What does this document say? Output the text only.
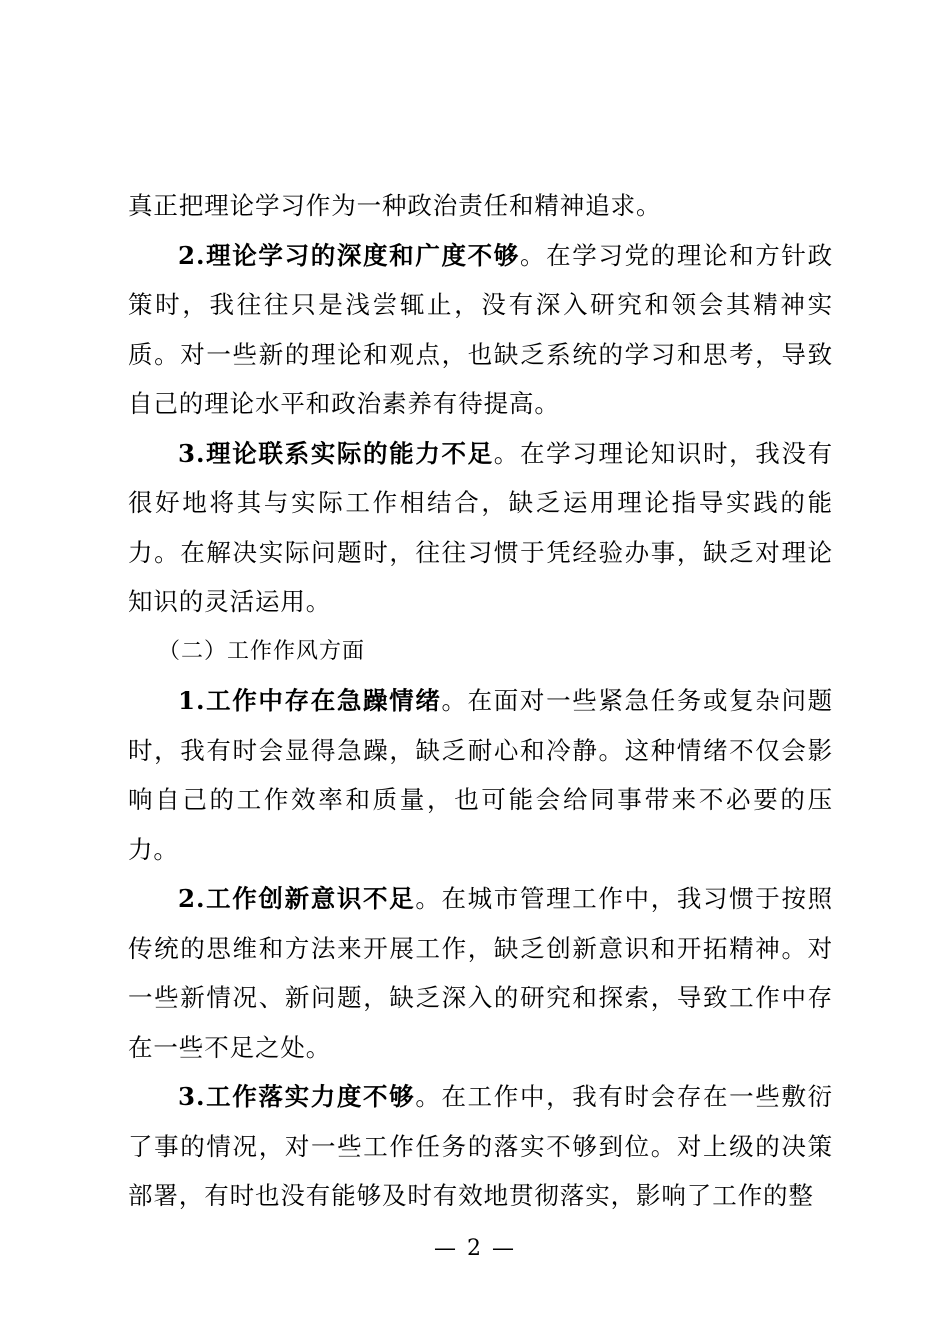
真正把理论学习作为一种政治责任和精神追求。

2.理论学习的深度和广度不够。在学习党的理论和方针政策时，我往往只是浅尝辄止，没有深入研究和领会其精神实质。对一些新的理论和观点，也缺乏系统的学习和思考，导致自己的理论水平和政治素养有待提高。

3.理论联系实际的能力不足。在学习理论知识时，我没有很好地将其与实际工作相结合，缺乏运用理论指导实践的能力。在解决实际问题时，往往习惯于凭经验办事，缺乏对理论知识的灵活运用。

（二）工作作风方面

1.工作中存在急躁情绪。在面对一些紧急任务或复杂问题时，我有时会显得急躁，缺乏耐心和冷静。这种情绪不仅会影响自己的工作效率和质量，也可能会给同事带来不必要的压力。

2.工作创新意识不足。在城市管理工作中，我习惯于按照传统的思维和方法来开展工作，缺乏创新意识和开拓精神。对一些新情况、新问题，缺乏深入的研究和探索，导致工作中存在一些不足之处。

3.工作落实力度不够。在工作中，我有时会存在一些敷衍了事的情况，对一些工作任务的落实不够到位。对上级的决策部署，有时也没有能够及时有效地贯彻落实，影响了工作的整

— 2 —
